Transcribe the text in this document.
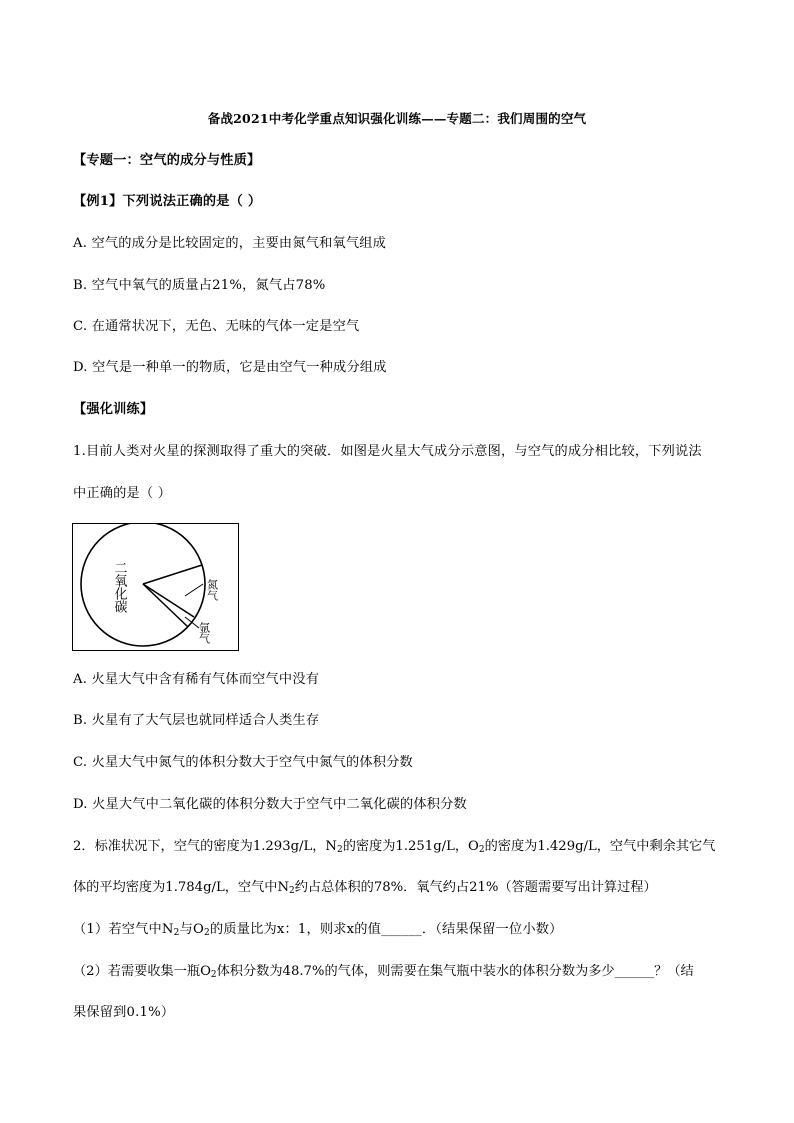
备战2021中考化学重点知识强化训练——专题二：我们周围的空气
【专题一：空气的成分与性质】
【例1】下列说法正确的是（ ）
A. 空气的成分是比较固定的，主要由氮气和氧气组成
B. 空气中氧气的质量占21%，氮气占78%
C. 在通常状况下，无色、无味的气体一定是空气
D. 空气是一种单一的物质，它是由空气一种成分组成
【强化训练】
1.目前人类对火星的探测取得了重大的突破．如图是火星大气成分示意图，与空气的成分相比较，下列说法
中正确的是（ ）
二氧化碳	氮气
氩气
A. 火星大气中含有稀有气体而空气中没有
B. 火星有了大气层也就同样适合人类生存
C. 火星大气中氮气的体积分数大于空气中氮气的体积分数
D. 火星大气中二氧化碳的体积分数大于空气中二氧化碳的体积分数
2．标准状况下，空气的密度为1.293g/L，$N_2$的密度为1.251g/L，$O_2$的密度为1.429g/L，空气中剩余其它气
体的平均密度为1.784g/L，空气中$N_2$约占总体积的78%．氧气约占21%（答题需要写出计算过程）
（1）若空气中$N_2$与$O_2$的质量比为x：1，则求x的值______．（结果保留一位小数）
（2）若需要收集一瓶$O_2$体积分数为48.7%的气体，则需要在集气瓶中装水的体积分数为多少______？（结
果保留到0.1%）
